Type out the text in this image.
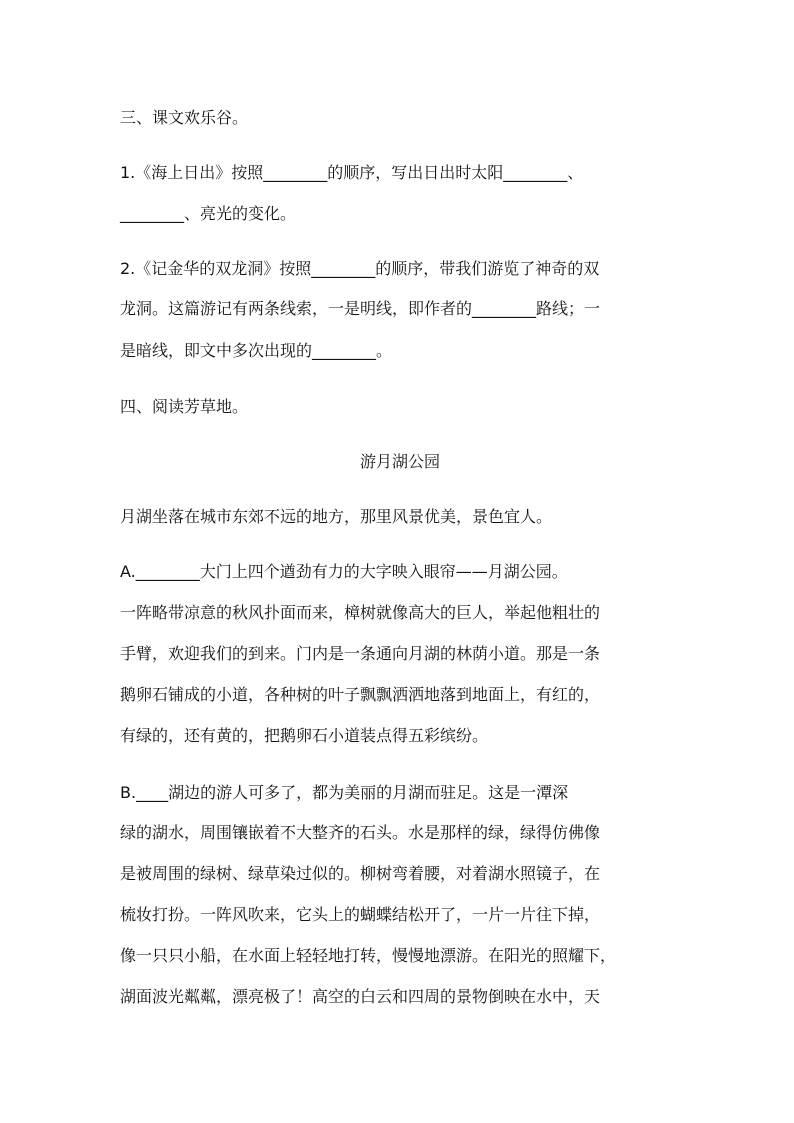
三、课文欢乐谷。
1.《海上日出》按照________的顺序，写出日出时太阳________、
________、亮光的变化。
2.《记金华的双龙洞》按照________的顺序，带我们游览了神奇的双
龙洞。这篇游记有两条线索，一是明线，即作者的________路线；一
是暗线，即文中多次出现的________。
四、阅读芳草地。
游月湖公园
月湖坐落在城市东郊不远的地方，那里风景优美，景色宜人。
A.________大门上四个遒劲有力的大字映入眼帘——月湖公园。
一阵略带凉意的秋风扑面而来，樟树就像高大的巨人，举起他粗壮的
手臂，欢迎我们的到来。门内是一条通向月湖的林荫小道。那是一条
鹅卵石铺成的小道，各种树的叶子飘飘洒洒地落到地面上，有红的，
有绿的，还有黄的，把鹅卵石小道装点得五彩缤纷。
B.____湖边的游人可多了，都为美丽的月湖而驻足。这是一潭深
绿的湖水，周围镶嵌着不大整齐的石头。水是那样的绿，绿得仿佛像
是被周围的绿树、绿草染过似的。柳树弯着腰，对着湖水照镜子，在
梳妆打扮。一阵风吹来，它头上的蝴蝶结松开了，一片一片往下掉，
像一只只小船，在水面上轻轻地打转，慢慢地漂游。在阳光的照耀下，
湖面波光粼粼，漂亮极了！高空的白云和四周的景物倒映在水中，天
